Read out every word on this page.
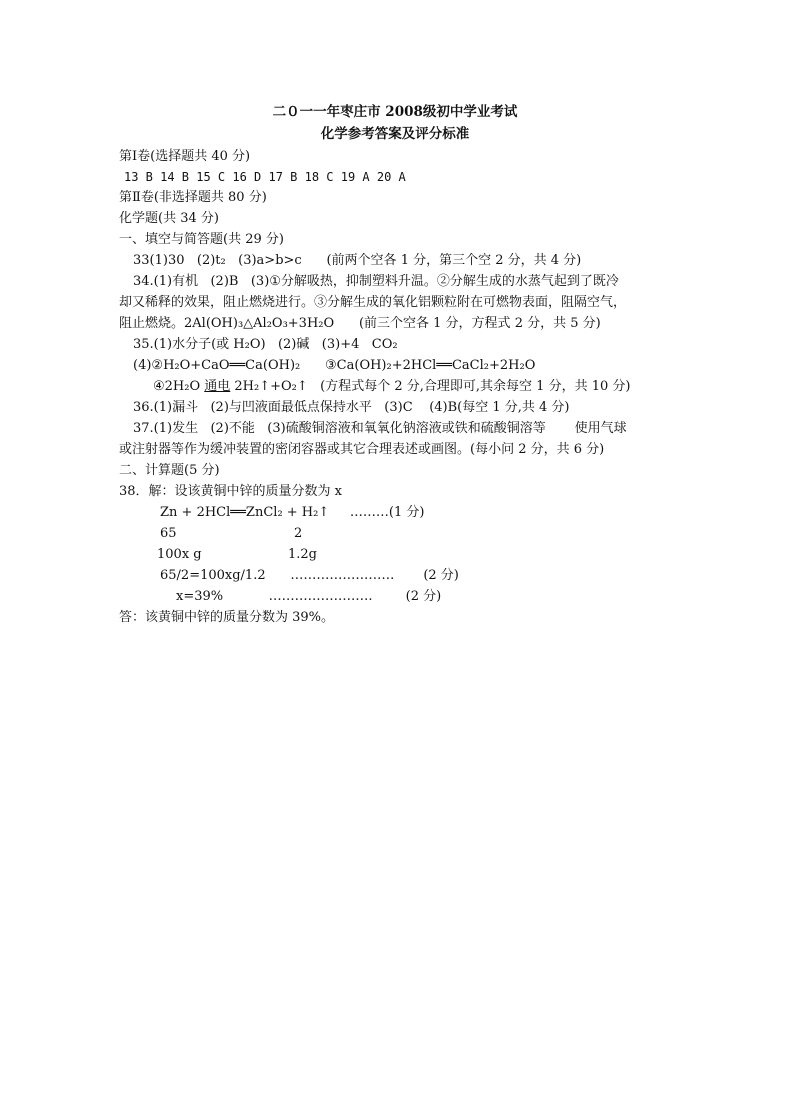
二０一一年枣庄市 2008级初中学业考试
化学参考答案及评分标准
第Ⅰ卷(选择题共 40 分)
13 B 14 B 15 C 16 D 17 B 18 C 19 A 20 A
第Ⅱ卷(非选择题共 80 分)
化学题(共 34 分)
一、填空与简答题(共 29 分)
33(1)30   (2)t₂   (3)a>b>c      (前两个空各 1 分，第三个空 2 分，共 4 分)
34.(1)有机   (2)B   (3)①分解吸热，抑制塑料升温。②分解生成的水蒸气起到了既冷
却又稀释的效果，阻止燃烧进行。③分解生成的氧化铝颗粒附在可燃物表面，阻隔空气，
阻止燃烧。2Al(OH)₃△Al₂O₃+3H₂O      (前三个空各 1 分，方程式 2 分，共 5 分)
35.(1)水分子(或 H₂O)   (2)碱   (3)+4   CO₂
(4)②H₂O+CaO══Ca(OH)₂      ③Ca(OH)₂+2HCl══CaCl₂+2H₂O
④2H₂O 通电 2H₂↑+O₂↑   (方程式每个 2 分,合理即可,其余每空 1 分，共 10 分)
36.(1)漏斗   (2)与凹液面最低点保持水平   (3)C    (4)B(每空 1 分,共 4 分)
37.(1)发生   (2)不能   (3)硫酸铜溶液和氧氧化钠溶液或铁和硫酸铜溶等       使用气球
或注射器等作为缓冲装置的密闭容器或其它合理表述或画图。(每小问 2 分，共 6 分)
二、计算题(5 分)
38．解：设该黄铜中锌的质量分数为 x
Zn + 2HCl══ZnCl₂ + H₂↑     ………(1 分)
65	2
100x g	1.2g
65/2=100xg/1.2      ……………………       (2 分)
x=39%           ……………………        (2 分)
答：该黄铜中锌的质量分数为 39%。
